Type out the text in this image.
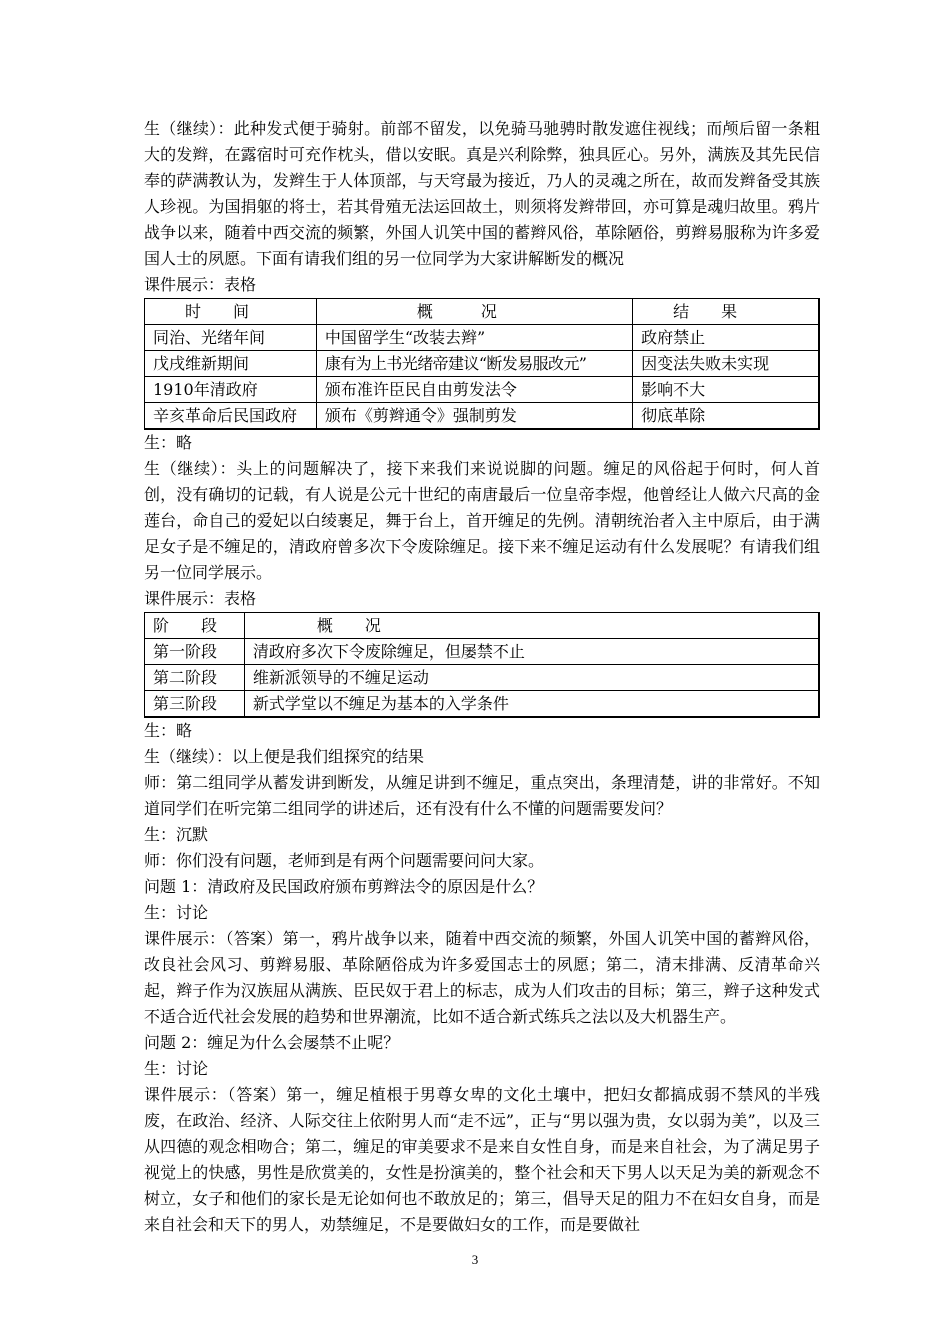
生（继续）：此种发式便于骑射。前部不留发，以免骑马驰骋时散发遮住视线；而颅后留一条粗大的发辫，在露宿时可充作枕头，借以安眠。真是兴利除弊，独具匠心。另外，满族及其先民信奉的萨满教认为，发辫生于人体顶部，与天穹最为接近，乃人的灵魂之所在，故而发辫备受其族人珍视。为国捐躯的将士，若其骨殖无法运回故土，则须将发辫带回，亦可算是魂归故里。鸦片战争以来，随着中西交流的频繁，外国人讥笑中国的蓄辫风俗，革除陋俗，剪辫易服称为许多爱国人士的夙愿。下面有请我们组的另一位同学为大家讲解断发的概况

课件展示：表格

时　　间	概　　　况	结　　果
同治、光绪年间	中国留学生“改装去辫”	政府禁止
戊戌维新期间	康有为上书光绪帝建议“断发易服改元”	因变法失败未实现
1910年清政府	颁布准许臣民自由剪发法令	影响不大
辛亥革命后民国政府	颁布《剪辫通令》强制剪发	彻底革除

生：略

生（继续）：头上的问题解决了，接下来我们来说说脚的问题。缠足的风俗起于何时，何人首创，没有确切的记载，有人说是公元十世纪的南唐最后一位皇帝李煜，他曾经让人做六尺高的金莲台，命自己的爱妃以白绫裹足，舞于台上，首开缠足的先例。清朝统治者入主中原后，由于满足女子是不缠足的，清政府曾多次下令废除缠足。接下来不缠足运动有什么发展呢？有请我们组另一位同学展示。

课件展示：表格

阶　　段	概　　况
第一阶段	清政府多次下令废除缠足，但屡禁不止
第二阶段	维新派领导的不缠足运动
第三阶段	新式学堂以不缠足为基本的入学条件

生：略

生（继续）：以上便是我们组探究的结果

师：第二组同学从蓄发讲到断发，从缠足讲到不缠足，重点突出，条理清楚，讲的非常好。不知道同学们在听完第二组同学的讲述后，还有没有什么不懂的问题需要发问？

生：沉默

师：你们没有问题，老师到是有两个问题需要问问大家。

问题 1：清政府及民国政府颁布剪辫法令的原因是什么？

生：讨论

课件展示：（答案）第一，鸦片战争以来，随着中西交流的频繁，外国人讥笑中国的蓄辫风俗，改良社会风习、剪辫易服、革除陋俗成为许多爱国志士的夙愿；第二，清末排满、反清革命兴起，辫子作为汉族屈从满族、臣民奴于君上的标志，成为人们攻击的目标；第三，辫子这种发式不适合近代社会发展的趋势和世界潮流，比如不适合新式练兵之法以及大机器生产。

问题 2：缠足为什么会屡禁不止呢？

生：讨论

课件展示：（答案）第一，缠足植根于男尊女卑的文化土壤中，把妇女都搞成弱不禁风的半残废，在政治、经济、人际交往上依附男人而“走不远”，正与“男以强为贵，女以弱为美”，以及三从四德的观念相吻合；第二，缠足的审美要求不是来自女性自身，而是来自社会，为了满足男子视觉上的快感，男性是欣赏美的，女性是扮演美的，整个社会和天下男人以天足为美的新观念不树立，女子和他们的家长是无论如何也不敢放足的；第三，倡导天足的阻力不在妇女自身，而是来自社会和天下的男人，劝禁缠足，不是要做妇女的工作，而是要做社

3
